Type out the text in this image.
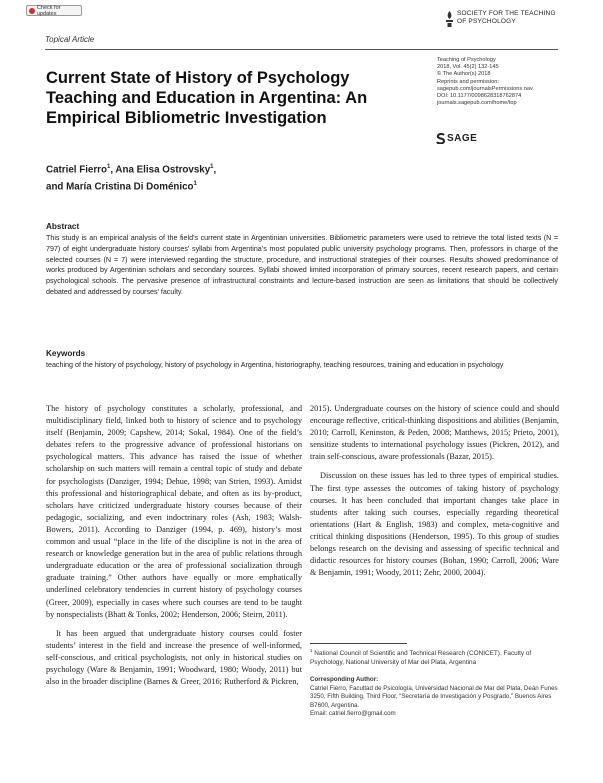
Check for updates
Topical Article
SOCIETY FOR THE TEACHING
OF PSYCHOLOGY
Current State of History of Psychology Teaching and Education in Argentina: An Empirical Bibliometric Investigation
Teaching of Psychology
2018, Vol. 45(2) 132-145
© The Author(s) 2018
Reprints and permission:
sagepub.com/journalsPermissions.nav
DOI: 10.1177/0098628318762874
journals.sagepub.com/home/top
SAGE
Catriel Fierro$^1$, Ana Elisa Ostrovsky$^1$,
and María Cristina Di Doménico$^1$
Abstract
This study is an empirical analysis of the field’s current state in Argentinian universities. Bibliometric parameters were used to retrieve the total listed texts (N = 797) of eight undergraduate history courses’ syllabi from Argentina’s most populated public university psychology programs. Then, professors in charge of the selected courses (N = 7) were interviewed regarding the structure, procedure, and instructional strategies of their courses. Results showed predominance of works produced by Argentinian scholars and secondary sources. Syllabi showed limited incorporation of primary sources, recent research papers, and certain psychological schools. The pervasive presence of infrastructural constraints and lecture-based instruction are seen as limitations that should be collectively debated and addressed by courses’ faculty.
Keywords
teaching of the history of psychology, history of psychology in Argentina, historiography, teaching resources, training and education in psychology

The history of psychology constitutes a scholarly, professional, and multidisciplinary field, linked both to history of science and to psychology itself (Benjamin, 2009; Capshew, 2014; Sokal, 1984). One of the field’s debates refers to the progressive advance of professional historians on psychological matters. This advance has raised the issue of whether scholarship on such matters will remain a central topic of study and debate for psychologists (Danziger, 1994; Dehue, 1998; van Strien, 1993). Amidst this professional and historiographical debate, and often as its by-product, scholars have criticized undergraduate history courses because of their pedagogic, socializing, and even indoctrinary roles (Ash, 1983; Walsh-Bowers, 2011). According to Danziger (1994, p. 469), history’s most common and usual “place in the life of the discipline is not in the area of research or knowledge generation but in the area of public relations through undergraduate education or the area of professional socialization through graduate training.” Other authors have equally or more emphatically underlined celebratory tendencies in current history of psychology courses (Greer, 2009), especially in cases where such courses are tend to be taught by nonspecialists (Bhatt & Tonks, 2002; Henderson, 2006; Steirn, 2011).

It has been argued that undergraduate history courses could foster students’ interest in the field and increase the presence of well-informed, self-conscious, and critical psychologists, not only in historical studies on psychology (Ware & Benjamin, 1991; Woodward, 1980; Woody, 2011) but also in the broader discipline (Barnes & Greer, 2016; Rutherford & Pickren,

2015). Undergraduate courses on the history of science could and should encourage reflective, critical-thinking dispositions and abilities (Benjamin, 2010; Carroll, Keninston, & Peden, 2008; Matthews, 2015; Prieto, 2001), sensitize students to international psychology issues (Pickren, 2012), and train self-conscious, aware professionals (Bazar, 2015).

Discussion on these issues has led to three types of empirical studies. The first type assesses the outcomes of taking history of psychology courses. It has been concluded that important changes take place in students after taking such courses, especially regarding theoretical orientations (Hart & English, 1983) and complex, meta-cognitive and critical thinking dispositions (Henderson, 1995). To this group of studies belongs research on the devising and assessing of specific technical and didactic resources for history courses (Bohan, 1990; Carroll, 2006; Ware & Benjamin, 1991; Woody, 2011; Zehr, 2000, 2004).

$^1$ National Council of Scientific and Technical Research (CONICET). Faculty of Psychology, National University of Mar del Plata, Argentina
Corresponding Author:
Catriel Fierro, Facultad de Psicología, Universidad Nacional de Mar del Plata, Deán Funes 3250, Fifth Building, Third Floor, “Secretaría de Investigación y Posgrado,” Buenos Aires B7600, Argentina.
Email: catriel.fierro@gmail.com
